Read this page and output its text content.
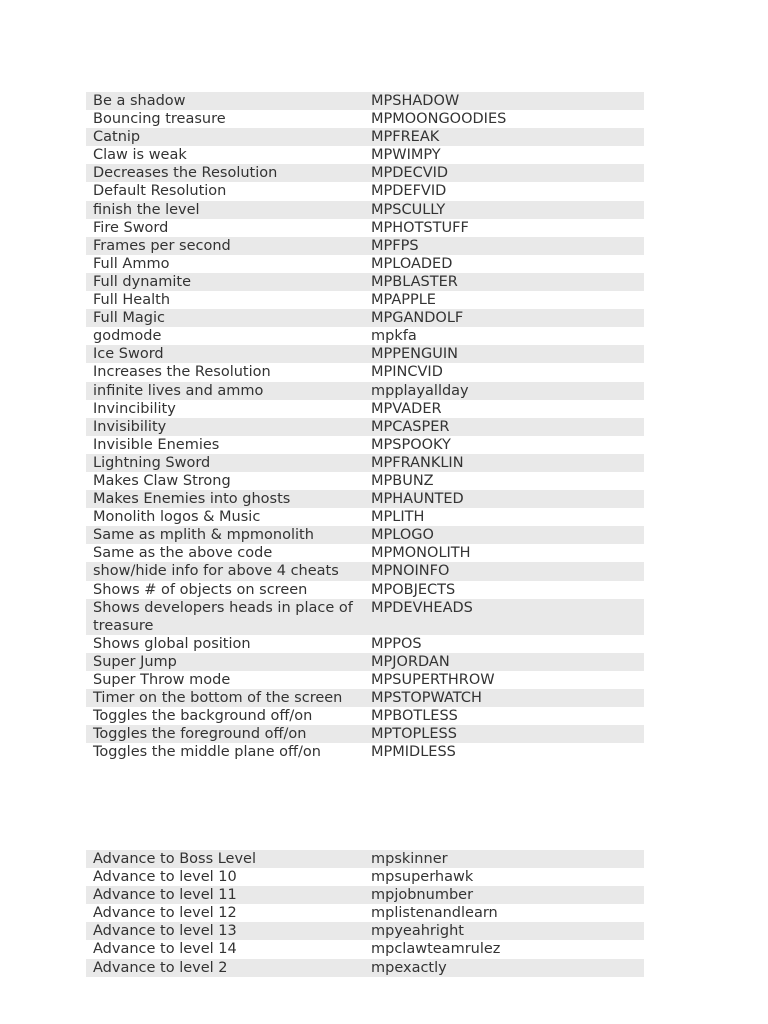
Be a shadow	MPSHADOW
Bouncing treasure	MPMOONGOODIES
Catnip	MPFREAK
Claw is weak	MPWIMPY
Decreases the Resolution	MPDECVID
Default Resolution	MPDEFVID
finish the level	MPSCULLY
Fire Sword	MPHOTSTUFF
Frames per second	MPFPS
Full Ammo	MPLOADED
Full dynamite	MPBLASTER
Full Health	MPAPPLE
Full Magic	MPGANDOLF
godmode	mpkfa
Ice Sword	MPPENGUIN
Increases the Resolution	MPINCVID
infinite lives and ammo	mpplayallday
Invincibility	MPVADER
Invisibility	MPCASPER
Invisible Enemies	MPSPOOKY
Lightning Sword	MPFRANKLIN
Makes Claw Strong	MPBUNZ
Makes Enemies into ghosts	MPHAUNTED
Monolith logos & Music	MPLITH
Same as mplith & mpmonolith	MPLOGO
Same as the above code	MPMONOLITH
show/hide info for above 4 cheats	MPNOINFO
Shows # of objects on screen	MPOBJECTS
Shows developers heads in place of treasure	MPDEVHEADS
Shows global position	MPPOS
Super Jump	MPJORDAN
Super Throw mode	MPSUPERTHROW
Timer on the bottom of the screen	MPSTOPWATCH
Toggles the background off/on	MPBOTLESS
Toggles the foreground off/on	MPTOPLESS
Toggles the middle plane off/on	MPMIDLESS
Advance to Boss Level	mpskinner
Advance to level 10	mpsuperhawk
Advance to level 11	mpjobnumber
Advance to level 12	mplistenandlearn
Advance to level 13	mpyeahright
Advance to level 14	mpclawteamrulez
Advance to level 2	mpexactly
